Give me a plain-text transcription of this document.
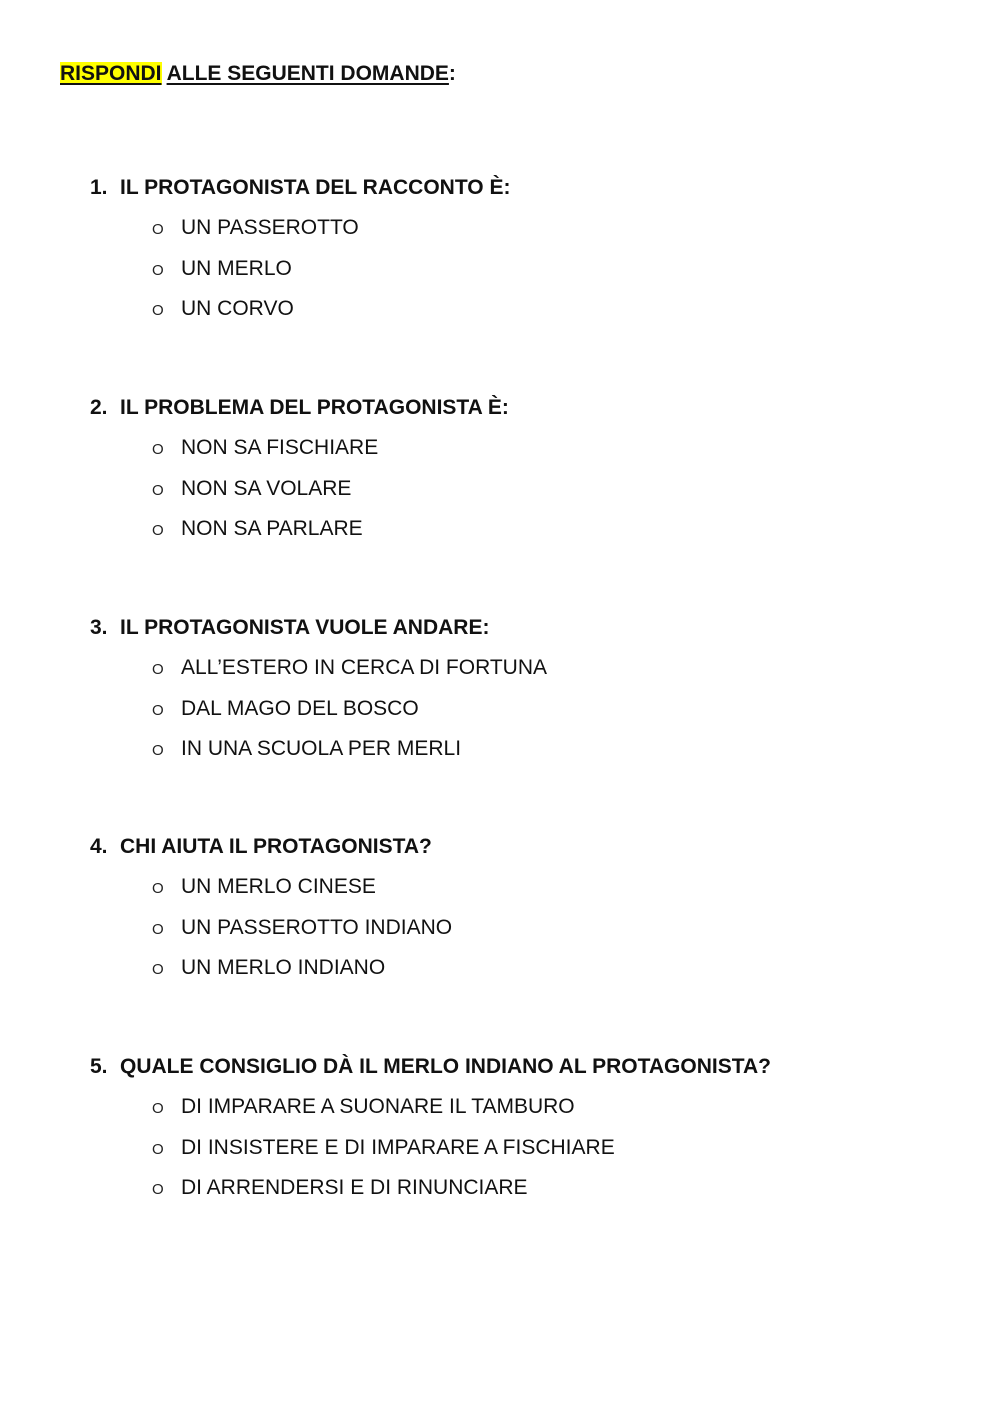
RISPONDI ALLE SEGUENTI DOMANDE:
1. IL PROTAGONISTA DEL RACCONTO È:
O UN PASSEROTTO
O UN MERLO
O UN CORVO
2. IL PROBLEMA DEL PROTAGONISTA È:
O NON SA FISCHIARE
O NON SA VOLARE
O NON SA PARLARE
3. IL PROTAGONISTA VUOLE ANDARE:
O ALL’ESTERO IN CERCA DI FORTUNA
O DAL MAGO DEL BOSCO
O IN UNA SCUOLA PER MERLI
4. CHI AIUTA IL PROTAGONISTA?
O UN MERLO CINESE
O UN PASSEROTTO INDIANO
O UN MERLO INDIANO
5. QUALE CONSIGLIO DÀ IL MERLO INDIANO AL PROTAGONISTA?
O DI IMPARARE A SUONARE IL TAMBURO
O DI INSISTERE E DI IMPARARE A FISCHIARE
O DI ARRENDERSI E DI RINUNCIARE
